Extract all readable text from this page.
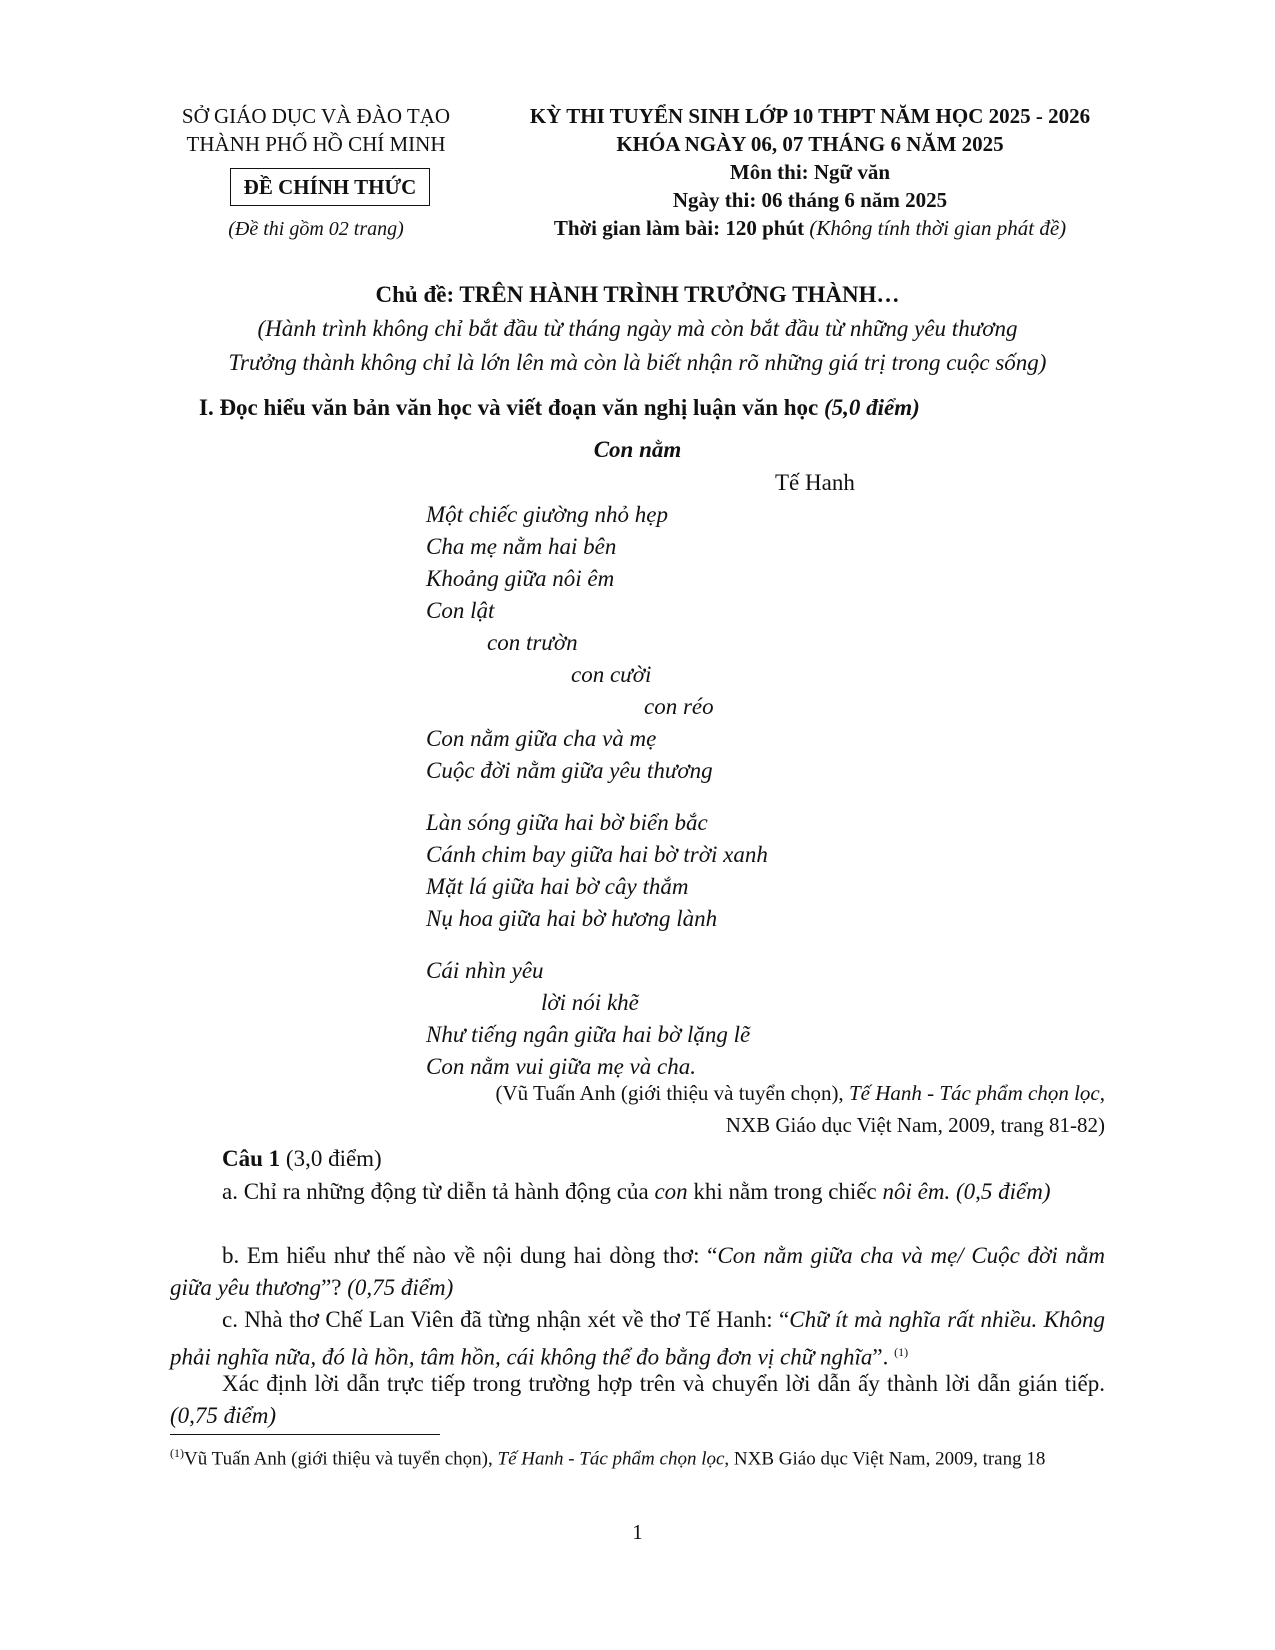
SỞ GIÁO DỤC VÀ ĐÀO TẠO
THÀNH PHỐ HỒ CHÍ MINH
ĐỀ CHÍNH THỨC
(Đề thi gồm 02 trang)
KỲ THI TUYỂN SINH LỚP 10 THPT NĂM HỌC 2025 - 2026
KHÓA NGÀY 06, 07 THÁNG 6 NĂM 2025
Môn thi: Ngữ văn
Ngày thi: 06 tháng 6 năm 2025
Thời gian làm bài: 120 phút (Không tính thời gian phát đề)
Chủ đề: TRÊN HÀNH TRÌNH TRƯỞNG THÀNH…
(Hành trình không chỉ bắt đầu từ tháng ngày mà còn bắt đầu từ những yêu thương
Trưởng thành không chỉ là lớn lên mà còn là biết nhận rõ những giá trị trong cuộc sống)
I. Đọc hiểu văn bản văn học và viết đoạn văn nghị luận văn học (5,0 điểm)
Con nằm
Tế Hanh
Một chiếc giường nhỏ hẹp
Cha mẹ nằm hai bên
Khoảng giữa nôi êm
Con lật
con trườn
con cười
con réo
Con nằm giữa cha và mẹ
Cuộc đời nằm giữa yêu thương
Làn sóng giữa hai bờ biển bắc
Cánh chim bay giữa hai bờ trời xanh
Mặt lá giữa hai bờ cây thắm
Nụ hoa giữa hai bờ hương lành
Cái nhìn yêu
lời nói khẽ
Như tiếng ngân giữa hai bờ lặng lẽ
Con nằm vui giữa mẹ và cha.
(Vũ Tuấn Anh (giới thiệu và tuyển chọn), Tế Hanh - Tác phẩm chọn lọc,
NXB Giáo dục Việt Nam, 2009, trang 81-82)
Câu 1 (3,0 điểm)
a. Chỉ ra những động từ diễn tả hành động của con khi nằm trong chiếc nôi êm. (0,5 điểm)
b. Em hiểu như thế nào về nội dung hai dòng thơ: “Con nằm giữa cha và mẹ/ Cuộc đời nằm giữa yêu thương”? (0,75 điểm)
c. Nhà thơ Chế Lan Viên đã từng nhận xét về thơ Tế Hanh: “Chữ ít mà nghĩa rất nhiều. Không phải nghĩa nữa, đó là hồn, tâm hồn, cái không thể đo bằng đơn vị chữ nghĩa”. $^{(1)}$
Xác định lời dẫn trực tiếp trong trường hợp trên và chuyển lời dẫn ấy thành lời dẫn gián tiếp. (0,75 điểm)
$^{(1)}$Vũ Tuấn Anh (giới thiệu và tuyển chọn), Tế Hanh - Tác phẩm chọn lọc, NXB Giáo dục Việt Nam, 2009, trang 18
1
